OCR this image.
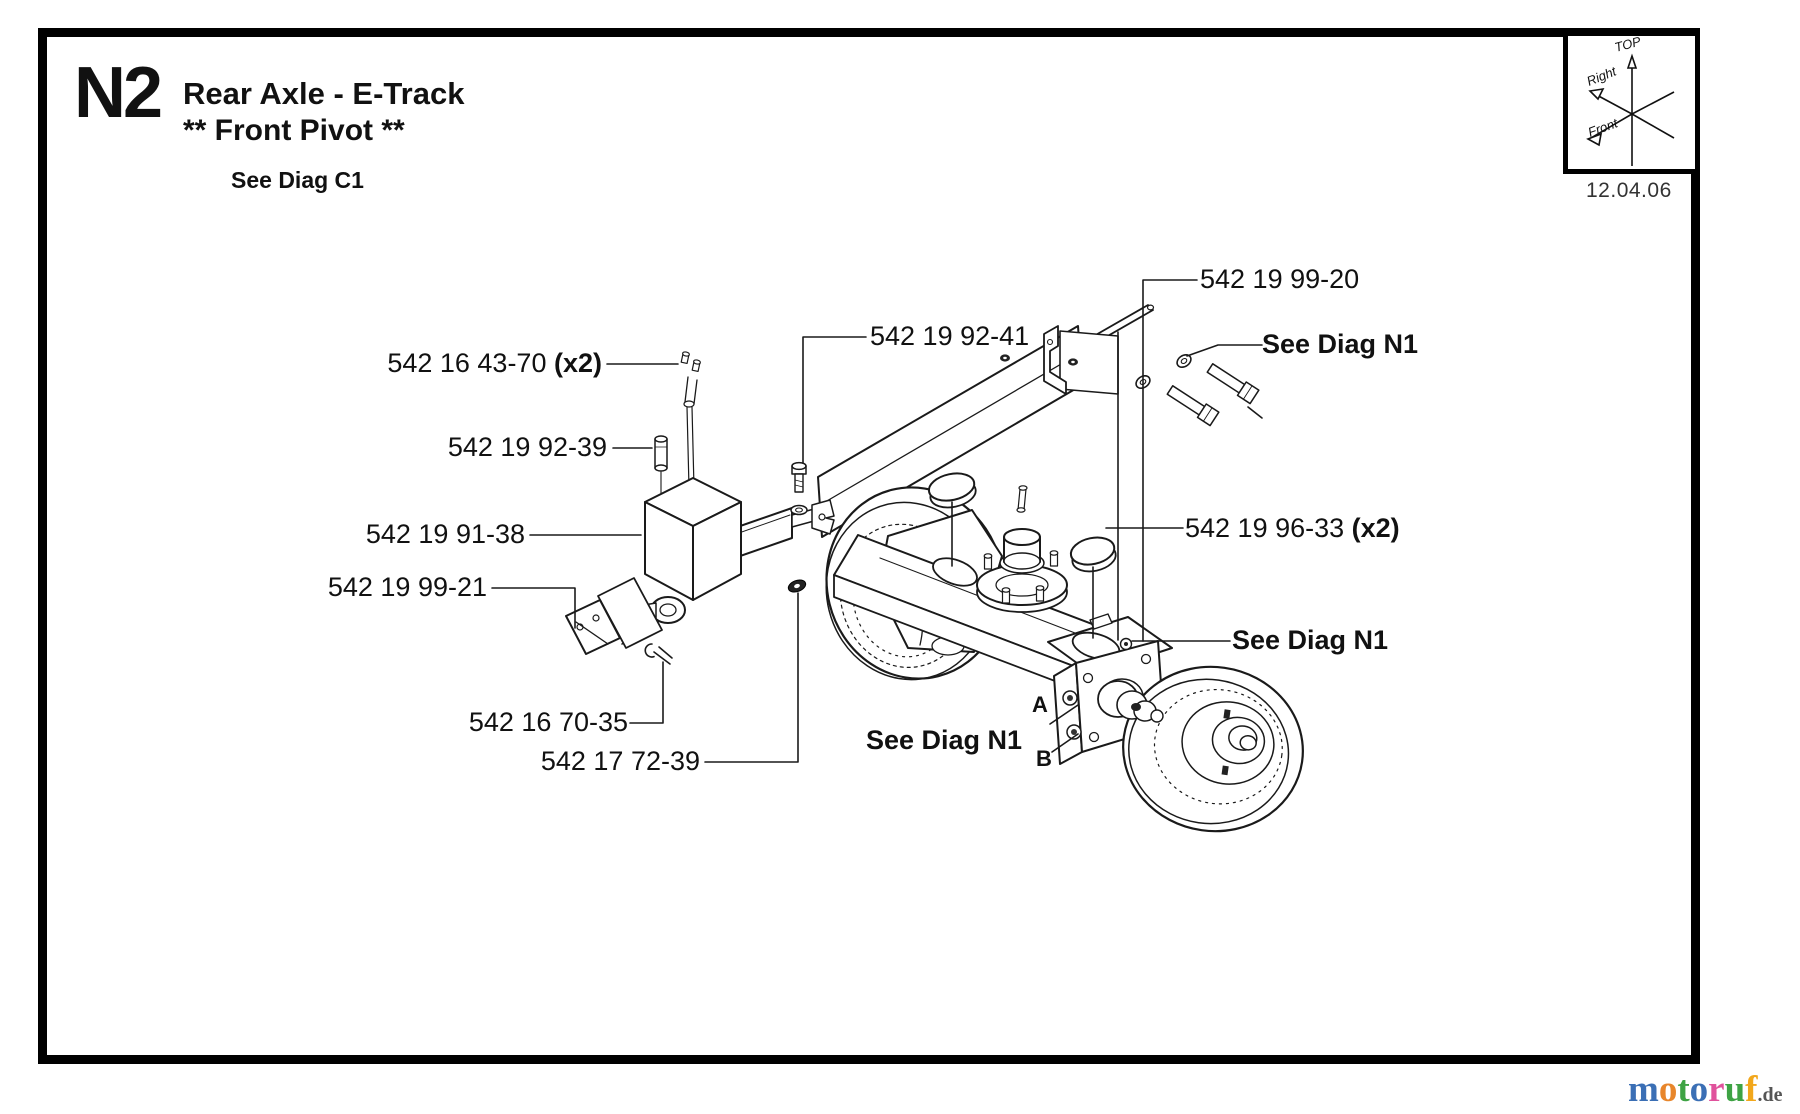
N2 Rear Axle - E-Track
** Front Pivot **
See Diag C1
TOP
Right
Front
12.04.06
542 16 43-70 (x2)
542 19 92-39
542 19 91-38
542 19 99-21
542 16 70-35
542 17 72-39
542 19 92-41
542 19 99-20
See Diag N1
542 19 96-33 (x2)
See Diag N1
See Diag N1
A
B
motoruf.de
